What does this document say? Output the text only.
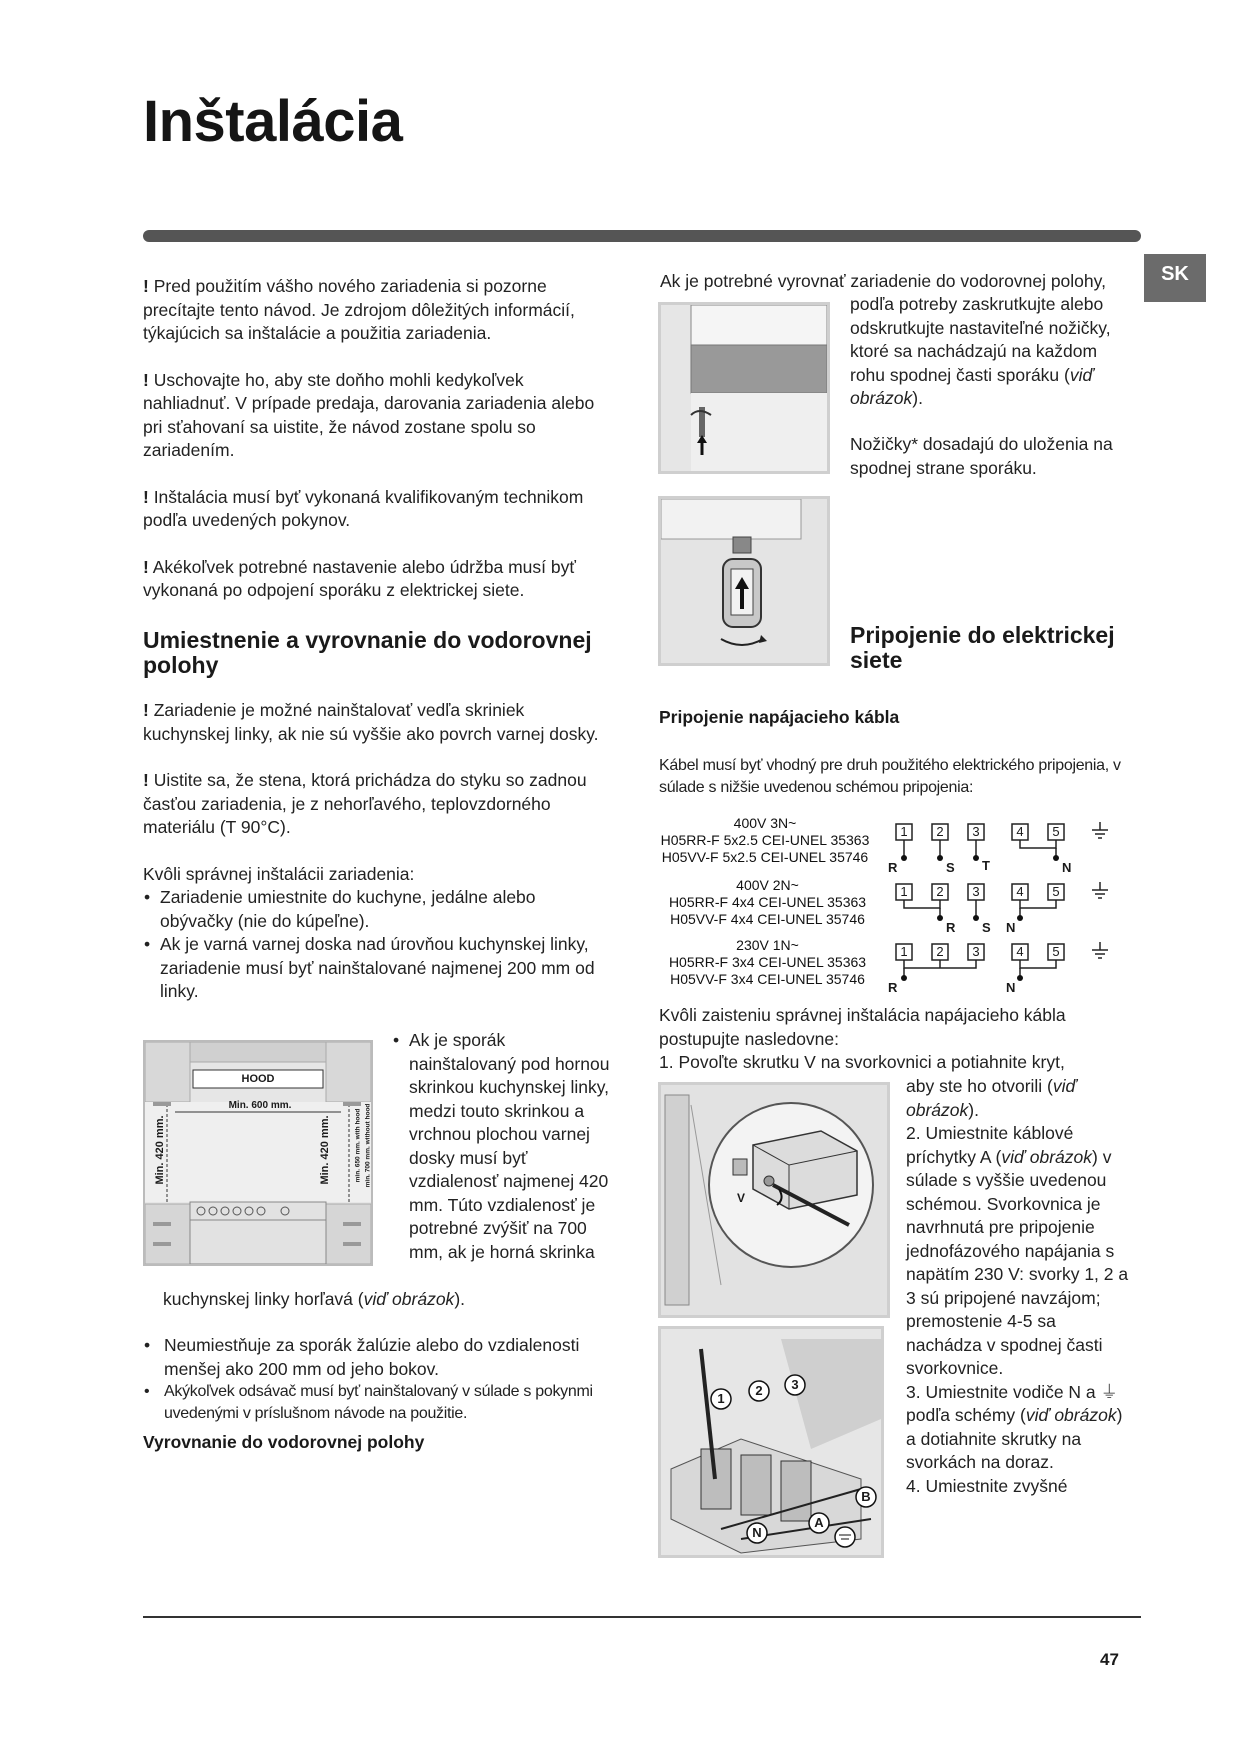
Inštalácia
SK

! Pred použitím vášho nového zariadenia si pozorne precítajte tento návod. Je zdrojom dôležitých informácií, týkajúcich sa inštalácie a použitia zariadenia.

! Uschovajte ho, aby ste doňho mohli kedykoľvek nahliadnuť. V prípade predaja, darovania zariadenia alebo pri sťahovaní sa uistite, že návod zostane spolu so zariadením.

! Inštalácia musí byť vykonaná kvalifikovaným technikom podľa uvedených pokynov.

! Akékoľvek potrebné nastavenie alebo údržba musí byť vykonaná po odpojení sporáku z elektrickej siete.

Umiestnenie a vyrovnanie do vodorovnej polohy

! Zariadenie je možné nainštalovať vedľa skriniek kuchynskej linky, ak nie sú vyššie ako povrch varnej dosky.

! Uistite sa, že stena, ktorá prichádza do styku so zadnou časťou zariadenia, je z nehorľavého, teplovzdorného materiálu (T 90°C).

Kvôli správnej inštalácii zariadenia:

• Zariadenie umiestnite do kuchyne, jedálne alebo obývačky (nie do kúpeľne).
• Ak je varná varnej doska nad úrovňou kuchynskej linky, zariadenie musí byť nainštalované najmenej 200 mm od linky.
HOOD
Min. 600 mm.
Min. 420 mm.	Min. 420 mm.	min. 650 mm. with hood min. 700 mm. without hood
• Ak je sporák nainštalovaný pod hornou skrinkou kuchynskej linky, medzi touto skrinkou a vrchnou plochou varnej dosky musí byť vzdialenosť najmenej 420 mm. Túto vzdialenosť je potrebné zvýšiť na 700 mm, ak je horná skrinka
kuchynskej linky horľavá (viď obrázok).
• Neumiestňuje za sporák žalúzie alebo do vzdialenosti menšej ako 200 mm od jeho bokov.
• Akýkoľvek odsávač musí byť nainštalovaný v súlade s pokynmi uvedenými v príslušnom návode na použitie.
Vyrovnanie do vodorovnej polohy
Ak je potrebné vyrovnať zariadenie do vodorovnej polohy,
podľa potreby zaskrutkujte alebo odskrutkujte nastaviteľné nožičky, ktoré sa nachádzajú na každom rohu spodnej časti sporáku (viď obrázok).
Nožičky* dosadajú do uloženia na spodnej strane sporáku.
Pripojenie do elektrickej siete
Pripojenie napájacieho kábla
Kábel musí byť vhodný pre druh použitého elektrického pripojenia, v súlade s nižšie uvedenou schémou pripojenia:
400V 3N~
H05RR-F 5x2.5 CEI-UNEL 35363
H05VV-F 5x2.5 CEI-UNEL 35746
400V 2N~
H05RR-F 4x4 CEI-UNEL 35363
H05VV-F 4x4 CEI-UNEL 35746
230V 1N~
H05RR-F 3x4 CEI-UNEL 35363
H05VV-F 3x4 CEI-UNEL 35746
1	2	3	4	5
1	2	3	4	5
1	2	3	4	5
R	S T	N
R S N
R	N
Kvôli zaisteniu správnej inštalácia napájacieho kábla postupujte nasledovne:
1. Povoľte skrutku V na svorkovnici a potiahnite kryt,
V

aby ste ho otvorili (viď obrázok).

2. Umiestnite káblové príchytky A (viď obrázok) v súlade s vyššie uvedenou schémou. Svorkovnica je navrhnutá pre pripojenie jednofázového napájania s napätím 230 V: svorky 1, 2 a 3 sú pripojené navzájom; premostenie 4-5 sa nachádza v spodnej časti svorkovnice.

3. Umiestnite vodiče N a ⏚ podľa schémy (viď obrázok) a dotiahnite skrutky na svorkách na doraz.

4. Umiestnite zvyšné

1
2 3
B
A
N
47
